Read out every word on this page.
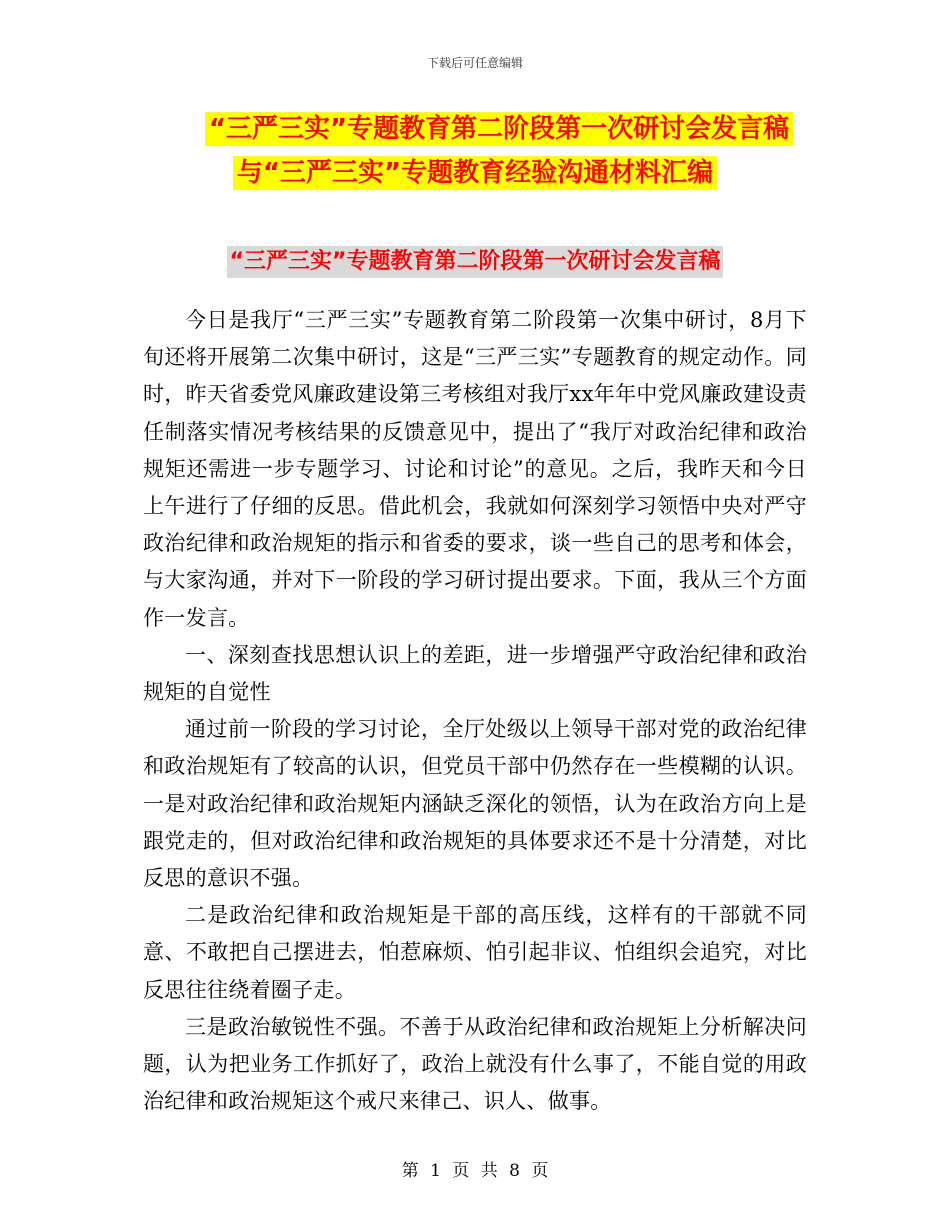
下载后可任意编辑
“三严三实”专题教育第二阶段第一次研讨会发言稿
与“三严三实”专题教育经验沟通材料汇编
“三严三实”专题教育第二阶段第一次研讨会发言稿

今日是我厅“三严三实”专题教育第二阶段第一次集中研讨，8月下旬还将开展第二次集中研讨，这是“三严三实”专题教育的规定动作。同时，昨天省委党风廉政建设第三考核组对我厅xx年年中党风廉政建设责任制落实情况考核结果的反馈意见中，提出了“我厅对政治纪律和政治规矩还需进一步专题学习、讨论和讨论”的意见。之后，我昨天和今日上午进行了仔细的反思。借此机会，我就如何深刻学习领悟中央对严守政治纪律和政治规矩的指示和省委的要求，谈一些自己的思考和体会，与大家沟通，并对下一阶段的学习研讨提出要求。下面，我从三个方面作一发言。

一、深刻查找思想认识上的差距，进一步增强严守政治纪律和政治规矩的自觉性

通过前一阶段的学习讨论，全厅处级以上领导干部对党的政治纪律和政治规矩有了较高的认识，但党员干部中仍然存在一些模糊的认识。一是对政治纪律和政治规矩内涵缺乏深化的领悟，认为在政治方向上是跟党走的，但对政治纪律和政治规矩的具体要求还不是十分清楚，对比反思的意识不强。

二是政治纪律和政治规矩是干部的高压线，这样有的干部就不同意、不敢把自己摆进去，怕惹麻烦、怕引起非议、怕组织会追究，对比反思往往绕着圈子走。

三是政治敏锐性不强。不善于从政治纪律和政治规矩上分析解决问题，认为把业务工作抓好了，政治上就没有什么事了，不能自觉的用政治纪律和政治规矩这个戒尺来律己、识人、做事。

第 1 页 共 8 页
